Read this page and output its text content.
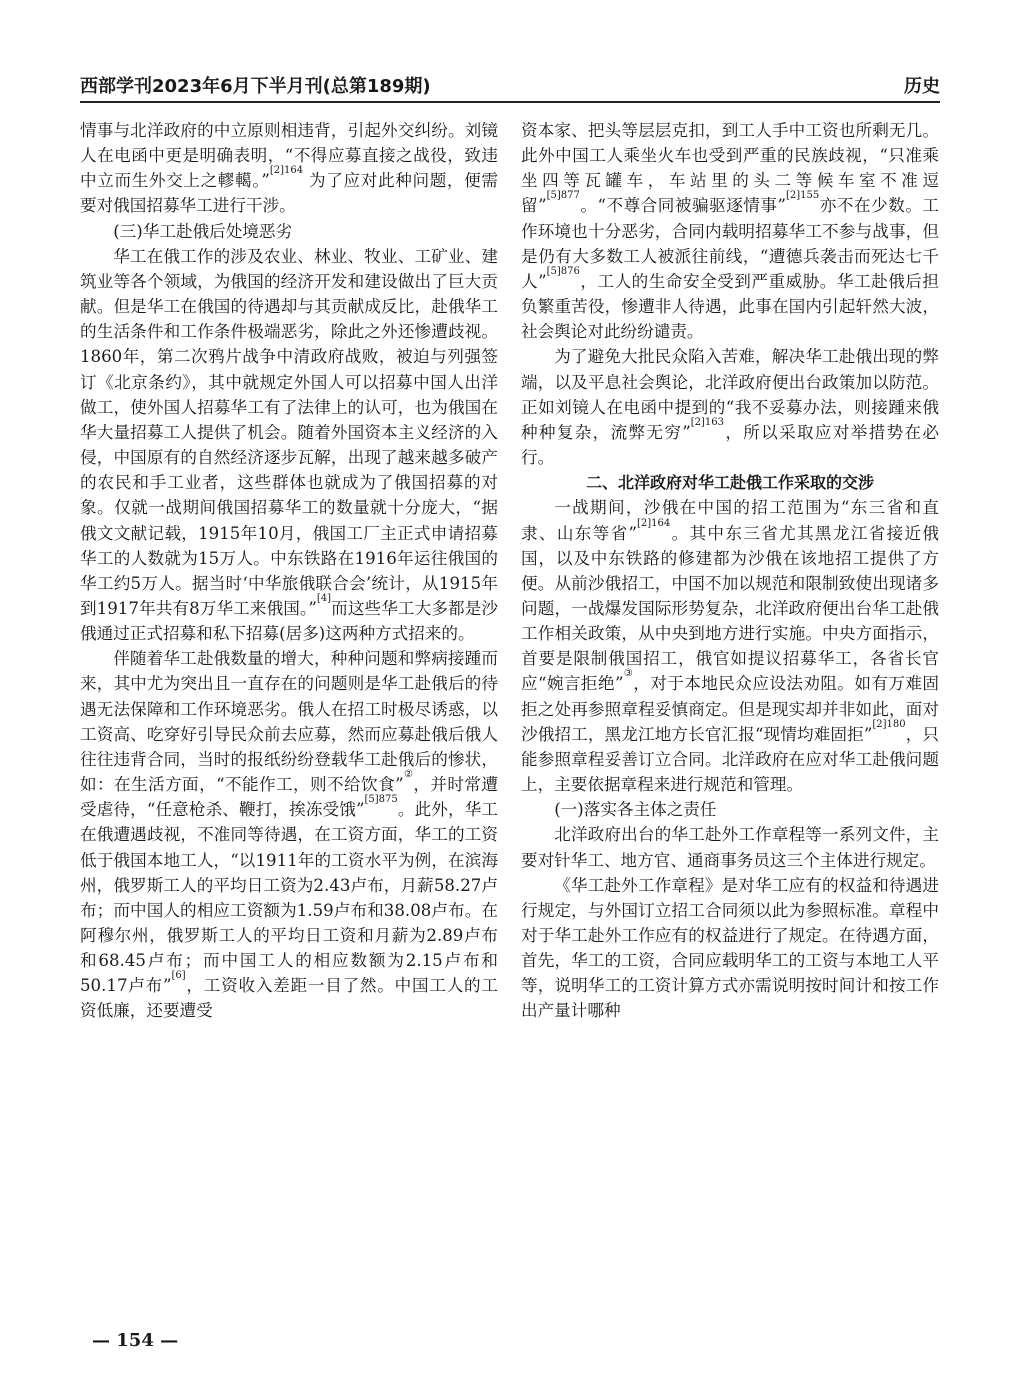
西部学刊2023年6月下半月刊(总第189期)	历史

情事与北洋政府的中立原则相违背，引起外交纠纷。刘镜人在电函中更是明确表明，“不得应募直接之战役，致违中立而生外交上之轇轕。”$^{[2]164}$ 为了应对此种问题，便需要对俄国招募华工进行干涉。

(三)华工赴俄后处境恶劣

华工在俄工作的涉及农业、林业、牧业、工矿业、建筑业等各个领域，为俄国的经济开发和建设做出了巨大贡献。但是华工在俄国的待遇却与其贡献成反比，赴俄华工的生活条件和工作条件极端恶劣，除此之外还惨遭歧视。1860年，第二次鸦片战争中清政府战败，被迫与列强签订《北京条约》，其中就规定外国人可以招募中国人出洋做工，使外国人招募华工有了法律上的认可，也为俄国在华大量招募工人提供了机会。随着外国资本主义经济的入侵，中国原有的自然经济逐步瓦解，出现了越来越多破产的农民和手工业者，这些群体也就成为了俄国招募的对象。仅就一战期间俄国招募华工的数量就十分庞大，“据俄文文献记载，1915年10月，俄国工厂主正式申请招募华工的人数就为15万人。中东铁路在1916年运往俄国的华工约5万人。据当时‘中华旅俄联合会’统计，从1915年到1917年共有8万华工来俄国。”[4]而这些华工大多都是沙俄通过正式招募和私下招募(居多)这两种方式招来的。

伴随着华工赴俄数量的增大，种种问题和弊病接踵而来，其中尤为突出且一直存在的问题则是华工赴俄后的待遇无法保障和工作环境恶劣。俄人在招工时极尽诱惑，以工资高、吃穿好引导民众前去应募，然而应募赴俄后俄人往往违背合同，当时的报纸纷纷登载华工赴俄后的惨状，如：在生活方面，“不能作工，则不给饮食”②，并时常遭受虐待，“任意枪杀、鞭打，挨冻受饿”$^{[5]875}$。此外，华工在俄遭遇歧视，不准同等待遇，在工资方面，华工的工资低于俄国本地工人，“以1911年的工资水平为例，在滨海州，俄罗斯工人的平均日工资为2.43卢布，月薪58.27卢布；而中国人的相应工资额为1.59卢布和38.08卢布。在阿穆尔州，俄罗斯工人的平均日工资和月薪为2.89卢布和68.45卢布；而中国工人的相应数额为2.15卢布和50.17卢布”[6]，工资收入差距一目了然。中国工人的工资低廉，还要遭受

资本家、把头等层层克扣，到工人手中工资也所剩无几。此外中国工人乘坐火车也受到严重的民族歧视，“只准乘坐四等瓦罐车，车站里的头二等候车室不准逗留”$^{[5]877}$。“不尊合同被骗驱逐情事”$^{[2]155}$亦不在少数。工作环境也十分恶劣，合同内载明招募华工不参与战事，但是仍有大多数工人被派往前线，“遭德兵袭击而死达七千人”$^{[5]876}$，工人的生命安全受到严重威胁。华工赴俄后担负繁重苦役，惨遭非人待遇，此事在国内引起轩然大波，社会舆论对此纷纷谴责。

为了避免大批民众陷入苦难，解决华工赴俄出现的弊端，以及平息社会舆论，北洋政府便出台政策加以防范。正如刘镜人在电函中提到的“我不妥募办法，则接踵来俄种种复杂，流弊无穷”$^{[2]163}$，所以采取应对举措势在必行。

二、北洋政府对华工赴俄工作采取的交涉

一战期间，沙俄在中国的招工范围为“东三省和直隶、山东等省”$^{[2]164}$。其中东三省尤其黑龙江省接近俄国，以及中东铁路的修建都为沙俄在该地招工提供了方便。从前沙俄招工，中国不加以规范和限制致使出现诸多问题，一战爆发国际形势复杂，北洋政府便出台华工赴俄工作相关政策，从中央到地方进行实施。中央方面指示，首要是限制俄国招工，俄官如提议招募华工，各省长官应“婉言拒绝”③，对于本地民众应设法劝阻。如有万难固拒之处再参照章程妥慎商定。但是现实却并非如此，面对沙俄招工，黑龙江地方长官汇报“现情均难固拒”$^{[2]180}$，只能参照章程妥善订立合同。北洋政府在应对华工赴俄问题上，主要依据章程来进行规范和管理。

(一)落实各主体之责任

北洋政府出台的华工赴外工作章程等一系列文件，主要对针华工、地方官、通商事务员这三个主体进行规定。

《华工赴外工作章程》是对华工应有的权益和待遇进行规定，与外国订立招工合同须以此为参照标准。章程中对于华工赴外工作应有的权益进行了规定。在待遇方面，首先，华工的工资，合同应载明华工的工资与本地工人平等，说明华工的工资计算方式亦需说明按时间计和按工作出产量计哪种

— 154 —
